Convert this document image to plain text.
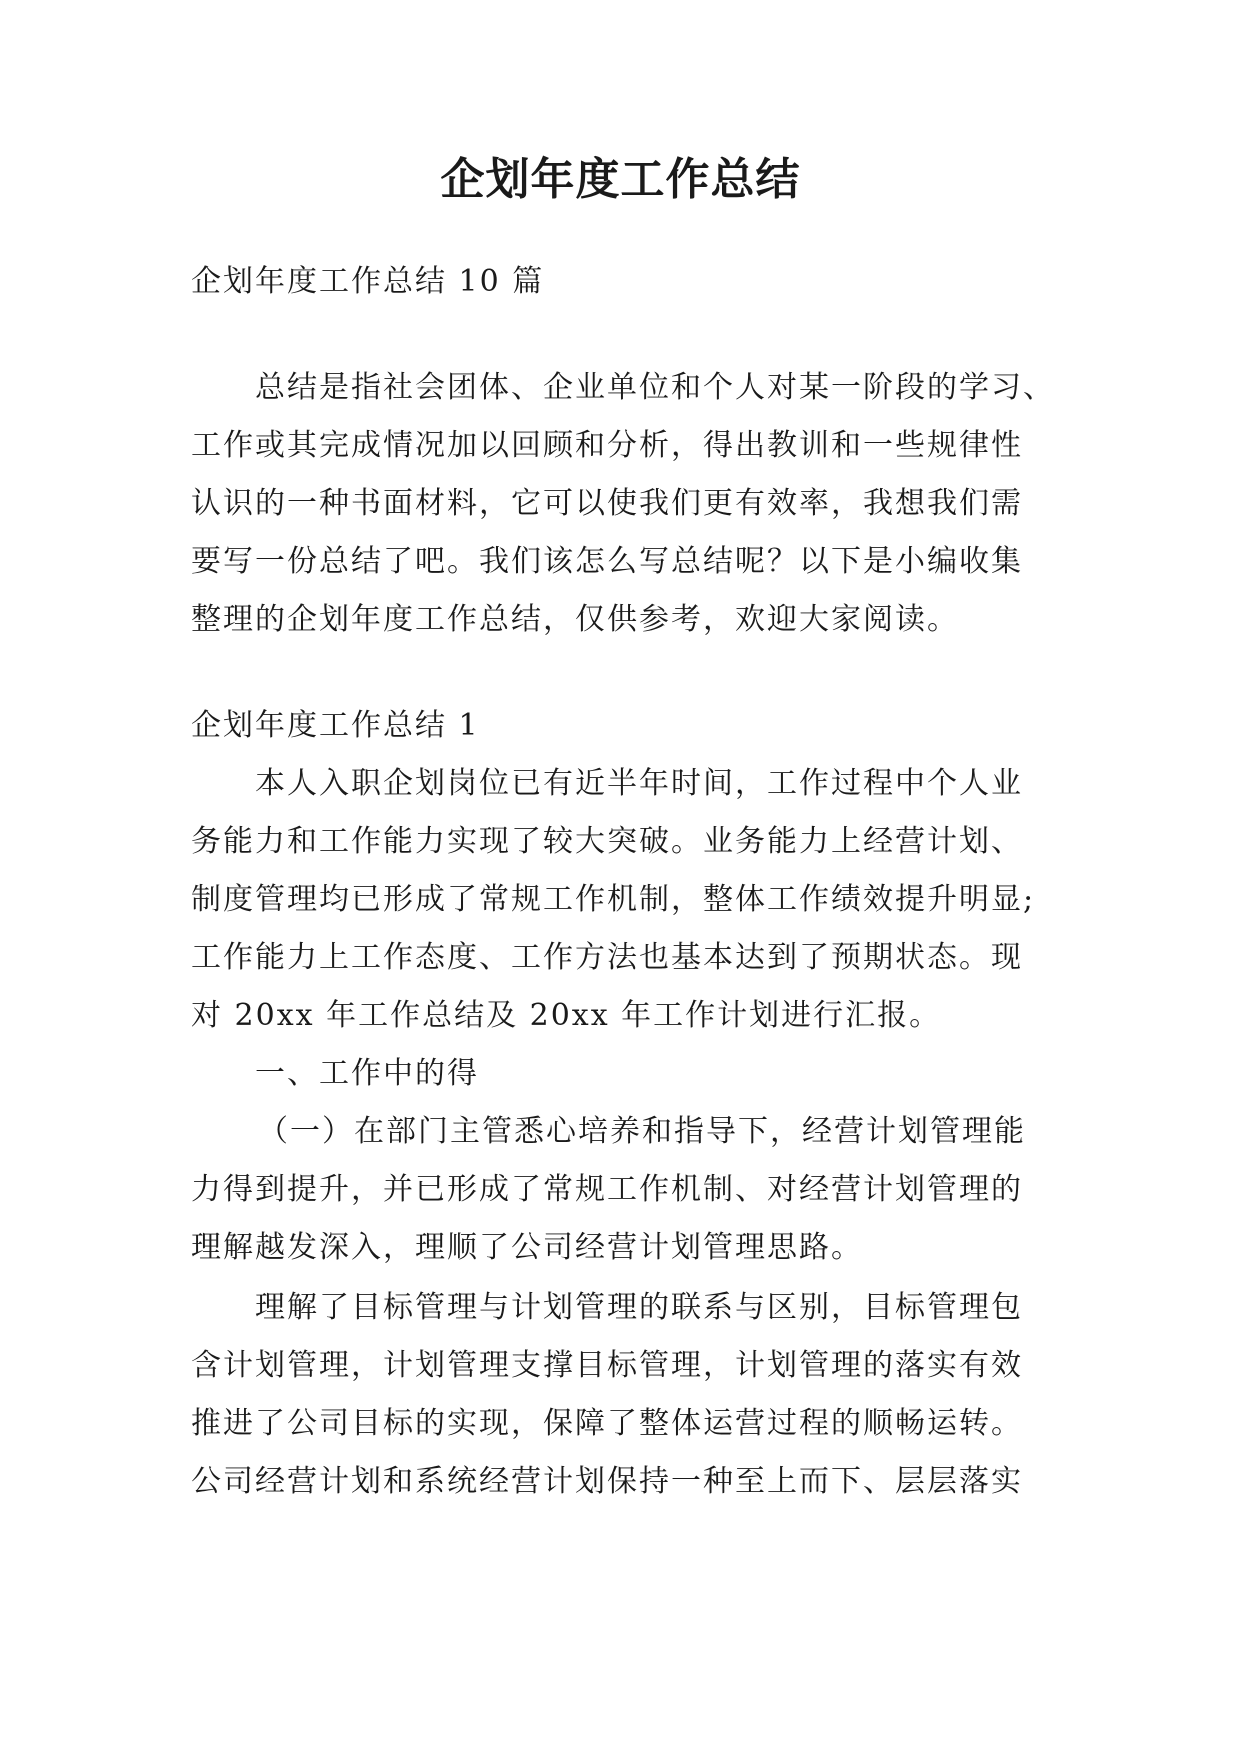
企划年度工作总结

企划年度工作总结 10 篇

总结是指社会团体、企业单位和个人对某一阶段的学习、

工作或其完成情况加以回顾和分析，得出教训和一些规律性

认识的一种书面材料，它可以使我们更有效率，我想我们需

要写一份总结了吧。我们该怎么写总结呢？以下是小编收集

整理的企划年度工作总结，仅供参考，欢迎大家阅读。

企划年度工作总结 1

本人入职企划岗位已有近半年时间，工作过程中个人业

务能力和工作能力实现了较大突破。业务能力上经营计划、

制度管理均已形成了常规工作机制，整体工作绩效提升明显;

工作能力上工作态度、工作方法也基本达到了预期状态。现

对 20xx 年工作总结及 20xx 年工作计划进行汇报。

一、工作中的得

（一）在部门主管悉心培养和指导下，经营计划管理能

力得到提升，并已形成了常规工作机制、对经营计划管理的

理解越发深入，理顺了公司经营计划管理思路。

理解了目标管理与计划管理的联系与区别，目标管理包

含计划管理，计划管理支撑目标管理，计划管理的落实有效

推进了公司目标的实现，保障了整体运营过程的顺畅运转。

公司经营计划和系统经营计划保持一种至上而下、层层落实
